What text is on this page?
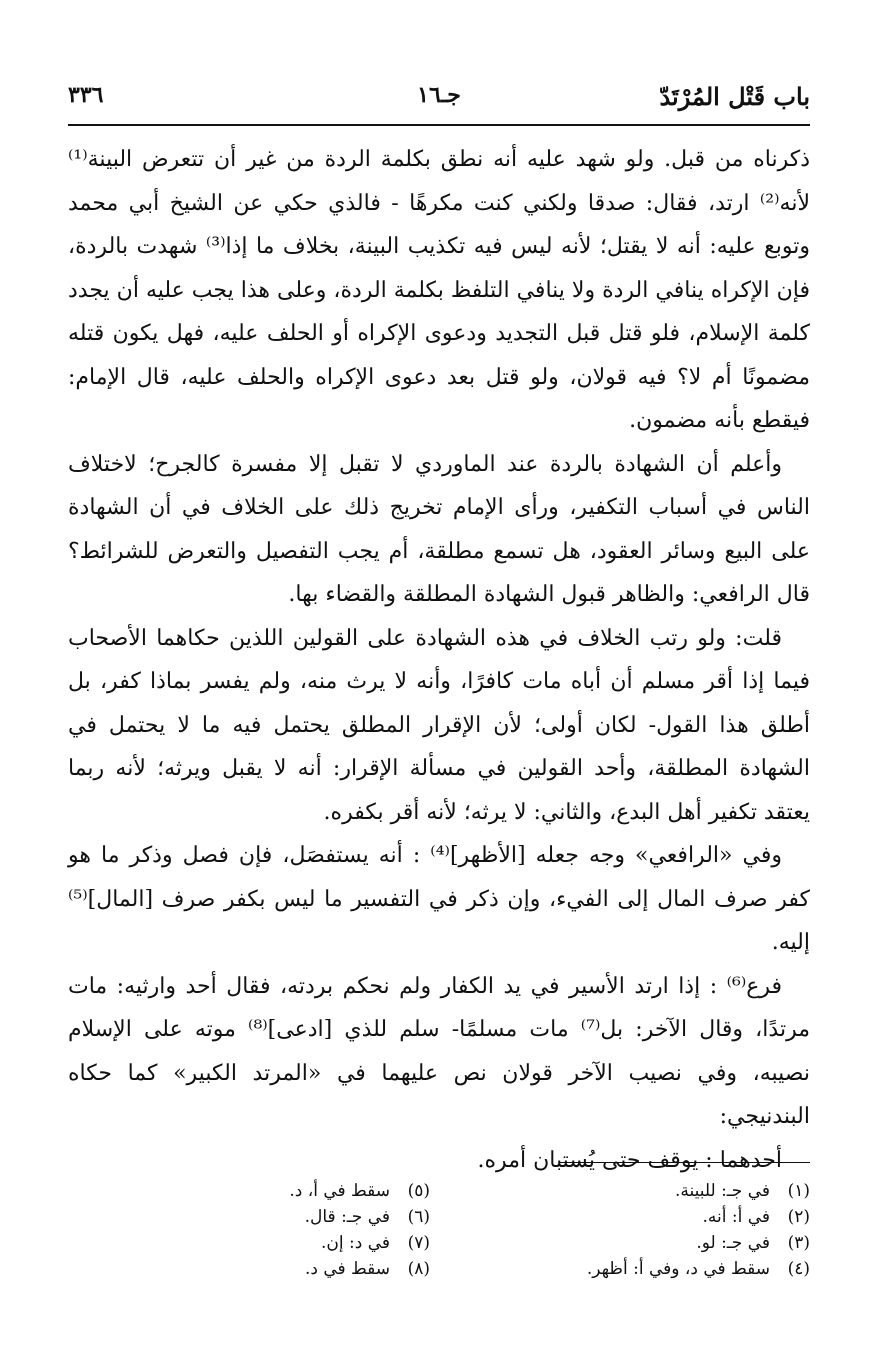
باب قَتْل المُرْتَدّ
جـ١٦
٣٣٦

ذكرناه من قبل. ولو شهد عليه أنه نطق بكلمة الردة من غير أن تتعرض البينة⁽¹⁾ لأنه⁽²⁾ ارتد، فقال: صدقا ولكني كنت مكرهًا - فالذي حكي عن الشيخ أبي محمد وتوبع عليه: أنه لا يقتل؛ لأنه ليس فيه تكذيب البينة، بخلاف ما إذا⁽³⁾ شهدت بالردة، فإن الإكراه ينافي الردة ولا ينافي التلفظ بكلمة الردة، وعلى هذا يجب عليه أن يجدد كلمة الإسلام، فلو قتل قبل التجديد ودعوى الإكراه أو الحلف عليه، فهل يكون قتله مضمونًا أم لا؟ فيه قولان، ولو قتل بعد دعوى الإكراه والحلف عليه، قال الإمام: فيقطع بأنه مضمون.

وأعلم أن الشهادة بالردة عند الماوردي لا تقبل إلا مفسرة كالجرح؛ لاختلاف الناس في أسباب التكفير، ورأى الإمام تخريج ذلك على الخلاف في أن الشهادة على البيع وسائر العقود، هل تسمع مطلقة، أم يجب التفصيل والتعرض للشرائط؟ قال الرافعي: والظاهر قبول الشهادة المطلقة والقضاء بها.

قلت: ولو رتب الخلاف في هذه الشهادة على القولين اللذين حكاهما الأصحاب فيما إذا أقر مسلم أن أباه مات كافرًا، وأنه لا يرث منه، ولم يفسر بماذا كفر، بل أطلق هذا القول- لكان أولى؛ لأن الإقرار المطلق يحتمل فيه ما لا يحتمل في الشهادة المطلقة، وأحد القولين في مسألة الإقرار: أنه لا يقبل ويرثه؛ لأنه ربما يعتقد تكفير أهل البدع، والثاني: لا يرثه؛ لأنه أقر بكفره.

وفي «الرافعي» وجه جعله [الأظهر]⁽⁴⁾ : أنه يستفصَل، فإن فصل وذكر ما هو كفر صرف المال إلى الفيء، وإن ذكر في التفسير ما ليس بكفر صرف [المال]⁽⁵⁾ إليه.

فرع⁽⁶⁾ : إذا ارتد الأسير في يد الكفار ولم نحكم بردته، فقال أحد وارثيه: مات مرتدًا، وقال الآخر: بل⁽⁷⁾ مات مسلمًا- سلم للذي [ادعى]⁽⁸⁾ موته على الإسلام نصيبه، وفي نصيب الآخر قولان نص عليهما في «المرتد الكبير» كما حكاه البندنيجي:

أحدهما : يوقف حتى يُستبان أمره.

(١)في جـ: للبينة.
(٢)في أ: أنه.
(٣)في جـ: لو.
(٤)سقط في د، وفي أ: أظهر.
(٥)سقط في أ، د.
(٦)في جـ: قال.
(٧)في د: إن.
(٨)سقط في د.
